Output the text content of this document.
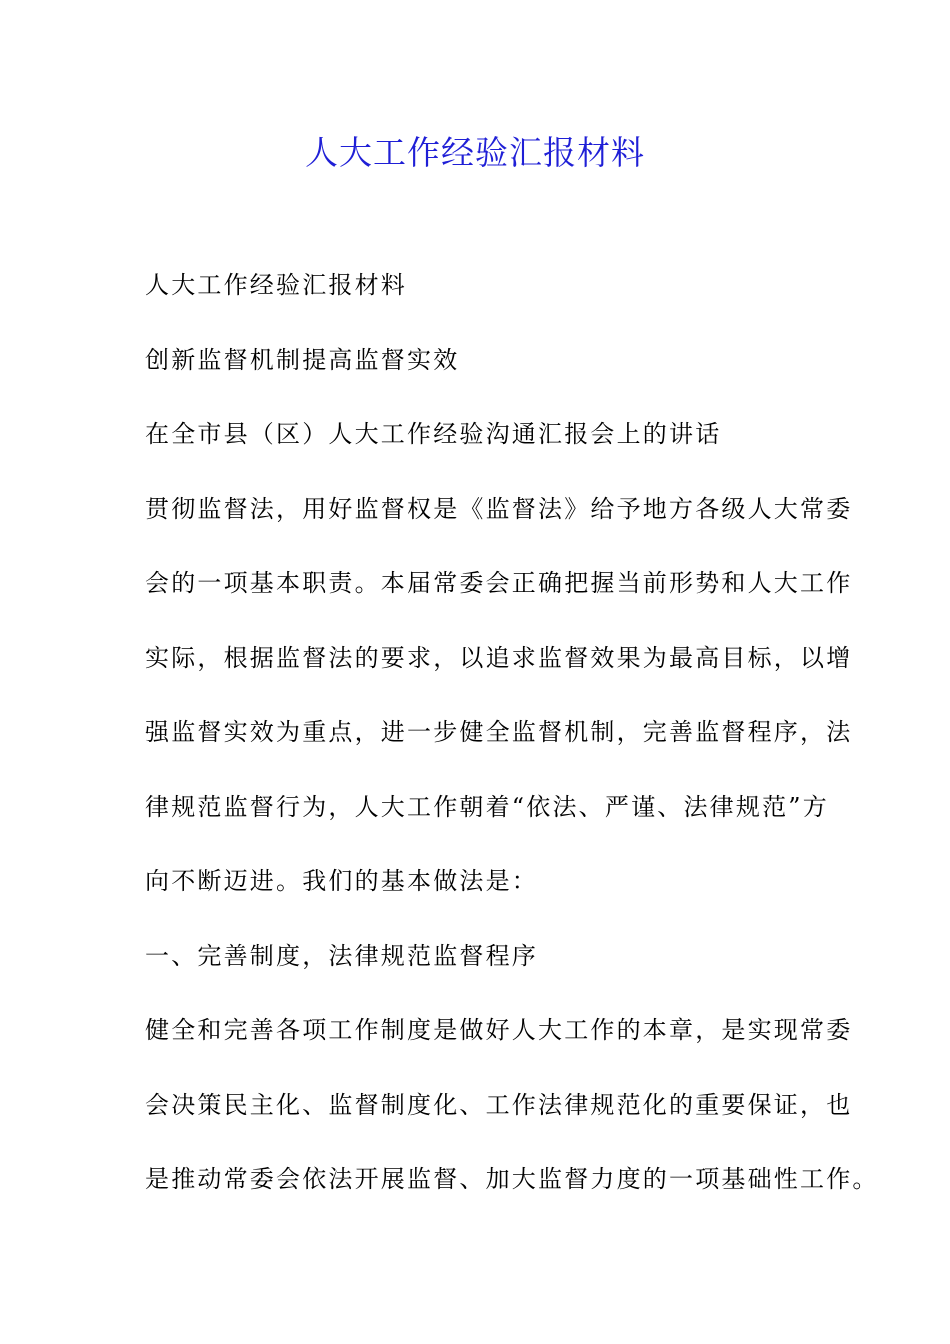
人大工作经验汇报材料
人大工作经验汇报材料
创新监督机制提高监督实效
在全市县（区）人大工作经验沟通汇报会上的讲话
贯彻监督法，用好监督权是《监督法》给予地方各级人大常委
会的一项基本职责。本届常委会正确把握当前形势和人大工作
实际，根据监督法的要求，以追求监督效果为最高目标，以增
强监督实效为重点，进一步健全监督机制，完善监督程序，法
律规范监督行为，人大工作朝着“依法、严谨、法律规范”方
向不断迈进。我们的基本做法是：
一、完善制度，法律规范监督程序
健全和完善各项工作制度是做好人大工作的本章，是实现常委
会决策民主化、监督制度化、工作法律规范化的重要保证，也
是推动常委会依法开展监督、加大监督力度的一项基础性工作。
